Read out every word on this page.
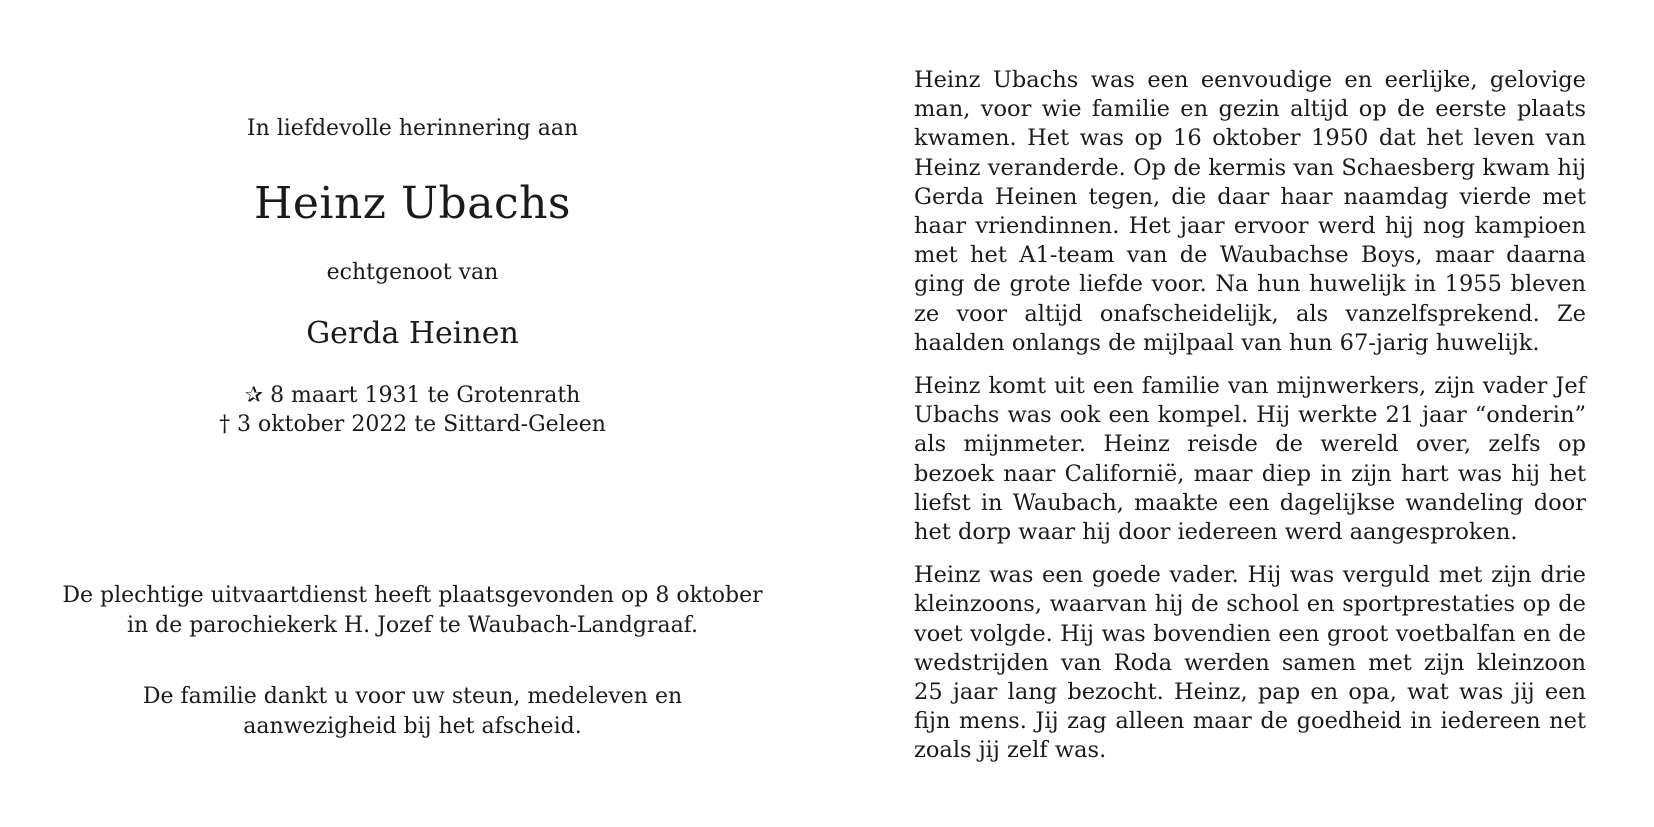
In liefdevolle herinnering aan
Heinz Ubachs
echtgenoot van
Gerda Heinen
✰ 8 maart 1931 te Grotenrath
† 3 oktober 2022 te Sittard-Geleen
De plechtige uitvaartdienst heeft plaatsgevonden op 8 oktober
in de parochiekerk H. Jozef te Waubach-Landgraaf.
De familie dankt u voor uw steun, medeleven en
aanwezigheid bij het afscheid.

Heinz Ubachs was een eenvoudige en eerlijke, gelovige man, voor wie familie en gezin altijd op de eerste plaats kwamen. Het was op 16 oktober 1950 dat het leven van Heinz veranderde. Op de kermis van Schaesberg kwam hij Gerda Heinen tegen, die daar haar naamdag vierde met haar vriendinnen. Het jaar ervoor werd hij nog kampioen met het A1-team van de Waubachse Boys, maar daarna ging de grote liefde voor. Na hun huwelijk in 1955 bleven ze voor altijd onafscheidelijk, als vanzelfsprekend. Ze haalden onlangs de mijlpaal van hun 67-jarig huwelijk.

Heinz komt uit een familie van mijnwerkers, zijn vader Jef Ubachs was ook een kompel. Hij werkte 21 jaar “onderin” als mijnmeter. Heinz reisde de wereld over, zelfs op bezoek naar Californië, maar diep in zijn hart was hij het liefst in Waubach, maakte een dagelijkse wandeling door het dorp waar hij door iedereen werd aangesproken.

Heinz was een goede vader. Hij was verguld met zijn drie kleinzoons, waarvan hij de school en sportprestaties op de voet volgde. Hij was bovendien een groot voetbalfan en de wedstrijden van Roda werden samen met zijn kleinzoon 25 jaar lang bezocht. Heinz, pap en opa, wat was jij een fijn mens. Jij zag alleen maar de goedheid in iedereen net zoals jij zelf was.
